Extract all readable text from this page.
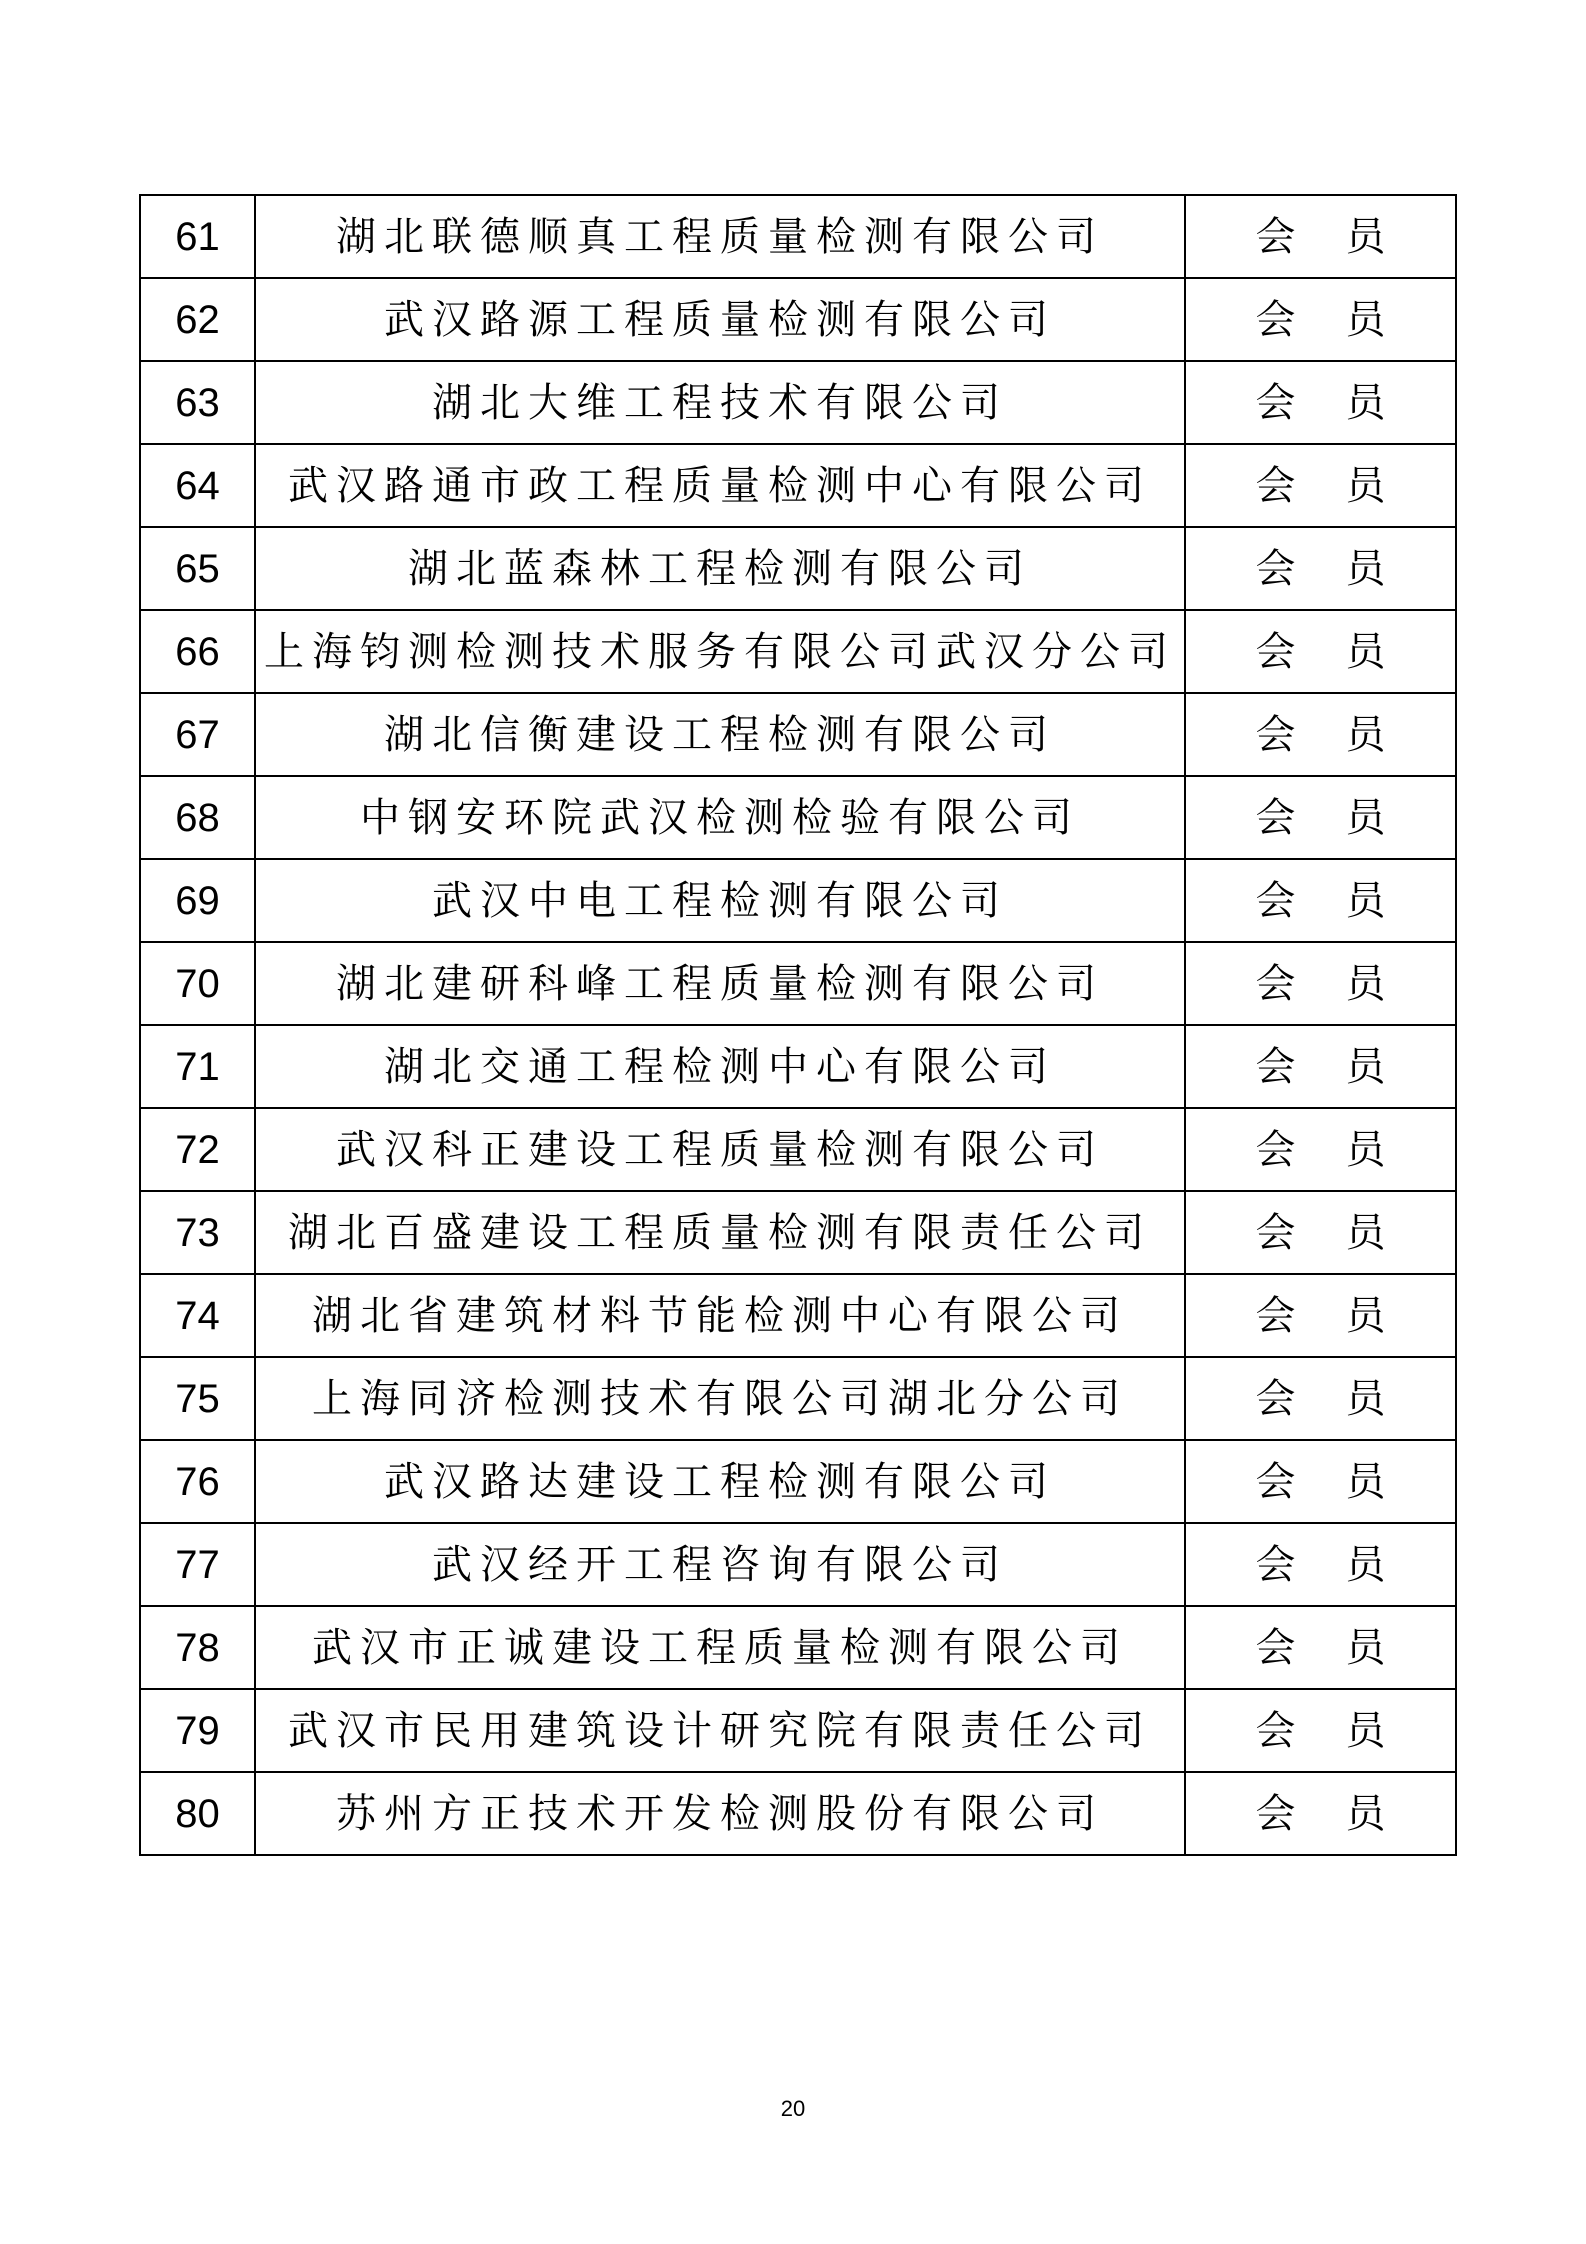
61	湖北联德顺真工程质量检测有限公司	会员
62	武汉路源工程质量检测有限公司	会员
63	湖北大维工程技术有限公司	会员
64	武汉路通市政工程质量检测中心有限公司	会员
65	湖北蓝森林工程检测有限公司	会员
66	上海钧测检测技术服务有限公司武汉分公司	会员
67	湖北信衡建设工程检测有限公司	会员
68	中钢安环院武汉检测检验有限公司	会员
69	武汉中电工程检测有限公司	会员
70	湖北建研科峰工程质量检测有限公司	会员
71	湖北交通工程检测中心有限公司	会员
72	武汉科正建设工程质量检测有限公司	会员
73	湖北百盛建设工程质量检测有限责任公司	会员
74	湖北省建筑材料节能检测中心有限公司	会员
75	上海同济检测技术有限公司湖北分公司	会员
76	武汉路达建设工程检测有限公司	会员
77	武汉经开工程咨询有限公司	会员
78	武汉市正诚建设工程质量检测有限公司	会员
79	武汉市民用建筑设计研究院有限责任公司	会员
80	苏州方正技术开发检测股份有限公司	会员
20
